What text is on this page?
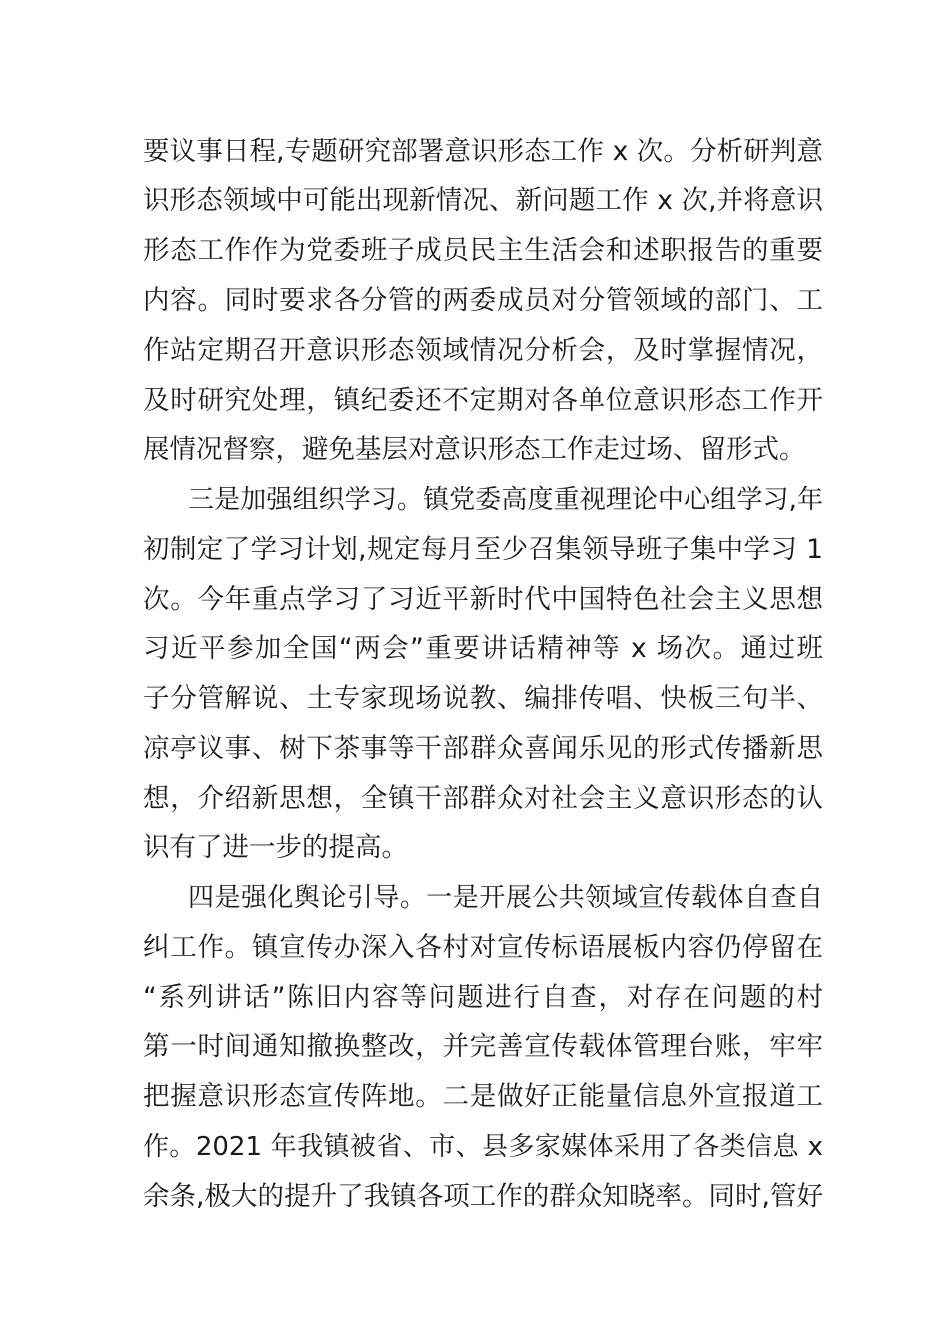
要议事日程,专题研究部署意识形态工作 x 次。分析研判意
识形态领域中可能出现新情况、新问题工作 x 次,并将意识
形态工作作为党委班子成员民主生活会和述职报告的重要
内容。同时要求各分管的两委成员对分管领域的部门、工
作站定期召开意识形态领域情况分析会，及时掌握情况，
及时研究处理，镇纪委还不定期对各单位意识形态工作开
展情况督察，避免基层对意识形态工作走过场、留形式。
三是加强组织学习。镇党委高度重视理论中心组学习,年
初制定了学习计划,规定每月至少召集领导班子集中学习 1
次。今年重点学习了习近平新时代中国特色社会主义思想
习近平参加全国“两会”重要讲话精神等 x 场次。通过班
子分管解说、土专家现场说教、编排传唱、快板三句半、
凉亭议事、树下茶事等干部群众喜闻乐见的形式传播新思
想，介绍新思想，全镇干部群众对社会主义意识形态的认
识有了进一步的提高。
四是强化舆论引导。一是开展公共领域宣传载体自查自
纠工作。镇宣传办深入各村对宣传标语展板内容仍停留在
“系列讲话”陈旧内容等问题进行自查，对存在问题的村
第一时间通知撤换整改，并完善宣传载体管理台账，牢牢
把握意识形态宣传阵地。二是做好正能量信息外宣报道工
作。2021 年我镇被省、市、县多家媒体采用了各类信息 x
余条,极大的提升了我镇各项工作的群众知晓率。同时,管好
